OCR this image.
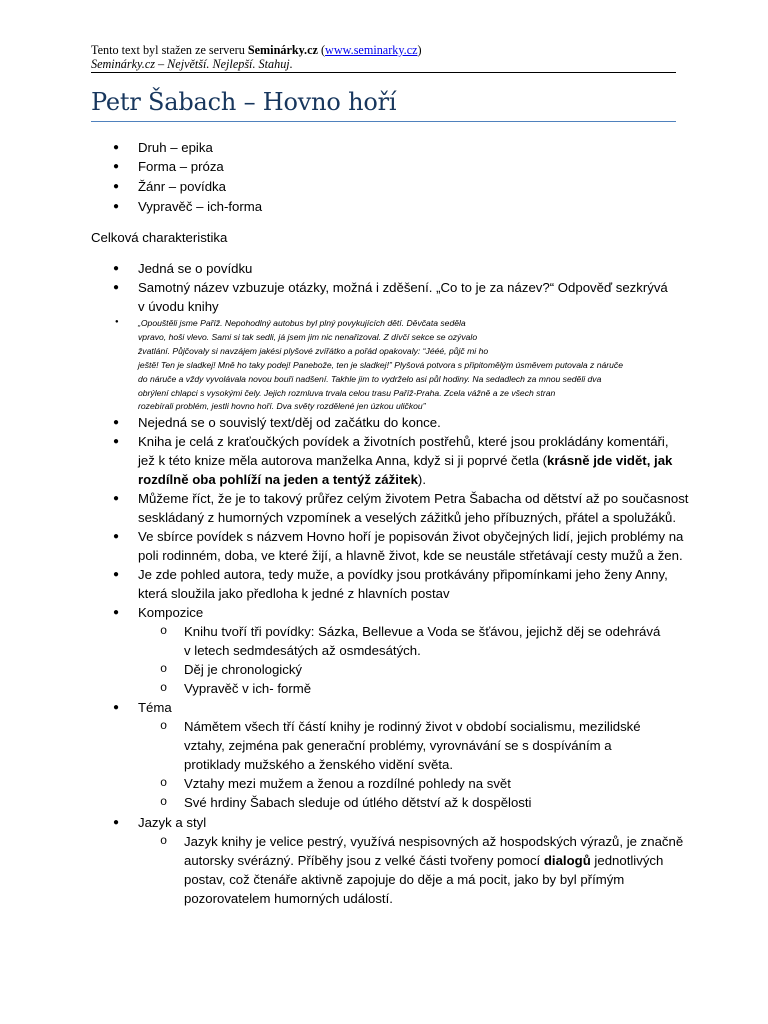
Tento text byl stažen ze serveru Seminárky.cz (www.seminarky.cz)
Seminárky.cz – Největší. Nejlepší. Stahuj.
Petr Šabach – Hovno hoří
● Druh – epika
● Forma – próza
● Žánr – povídka
● Vypravěč – ich-forma
Celková charakteristika
● Jedná se o povídku
● Samotný název vzbuzuje otázky, možná i zděšení. „Co to je za název?“ Odpověď sezkrývá
v úvodu knihy
● „Opouštěli jsme Paříž. Nepohodlný autobus byl plný povykujících dětí. Děvčata seděla
vpravo, hoši vlevo. Sami si tak sedli, já jsem jim nic nenařizoval. Z dívčí sekce se ozývalo
žvatlání. Půjčovaly si navzájem jakési plyšové zvířátko a pořád opakovaly: “Jééé, půjč mi ho
ještě! Ten je sladkej! Mně ho taky podej! Panebože, ten je sladkej!” Plyšová potvora s připitomělým úsměvem putovala z náruče
do náruče a vždy vyvolávala novou bouři nadšení. Takhle jim to vydrželo asi půl hodiny. Na sedadlech za mnou seděli dva
obrýlení chlapci s vysokými čely. Jejich rozmluva trvala celou trasu Paříž-Praha. Zcela vážně a ze všech stran
rozebírali problém, jestli hovno hoří. Dva světy rozdělené jen úzkou uličkou”
● Nejedná se o souvislý text/děj od začátku do konce.
● Kniha je celá z kraťoučkých povídek a životních postřehů, které jsou prokládány komentáři,
jež k této knize měla autorova manželka Anna, když si ji poprvé četla (krásně jde vidět, jak
rozdílně oba pohlíží na jeden a tentýž zážitek).
● Můžeme říct, že je to takový průřez celým životem Petra Šabacha od dětství až po současnost
seskládaný z humorných vzpomínek a veselých zážitků jeho příbuzných, přátel a spolužáků.
● Ve sbírce povídek s názvem Hovno hoří je popisován život obyčejných lidí, jejich problémy na
poli rodinném, doba, ve které žijí, a hlavně život, kde se neustále střetávají cesty mužů a žen.
● Je zde pohled autora, tedy muže, a povídky jsou protkávány připomínkami jeho ženy Anny,
která sloužila jako předloha k jedné z hlavních postav
● Kompozice
o Knihu tvoří tři povídky: Sázka, Bellevue a Voda se šťávou, jejichž děj se odehrává
v letech sedmdesátých až osmdesátých.
o Děj je chronologický
o Vypravěč v ich- formě
● Téma
o Námětem všech tří částí knihy je rodinný život v období socialismu, mezilidské
vztahy, zejména pak generační problémy, vyrovnávání se s dospíváním a
protiklady mužského a ženského vidění světa.
o Vztahy mezi mužem a ženou a rozdílné pohledy na svět
o Své hrdiny Šabach sleduje od útlého dětství až k dospělosti
● Jazyk a styl
o Jazyk knihy je velice pestrý, využívá nespisovných až hospodských výrazů, je značně
autorsky svérázný. Příběhy jsou z velké části tvořeny pomocí dialogů jednotlivých
postav, což čtenáře aktivně zapojuje do děje a má pocit, jako by byl přímým
pozorovatelem humorných událostí.
